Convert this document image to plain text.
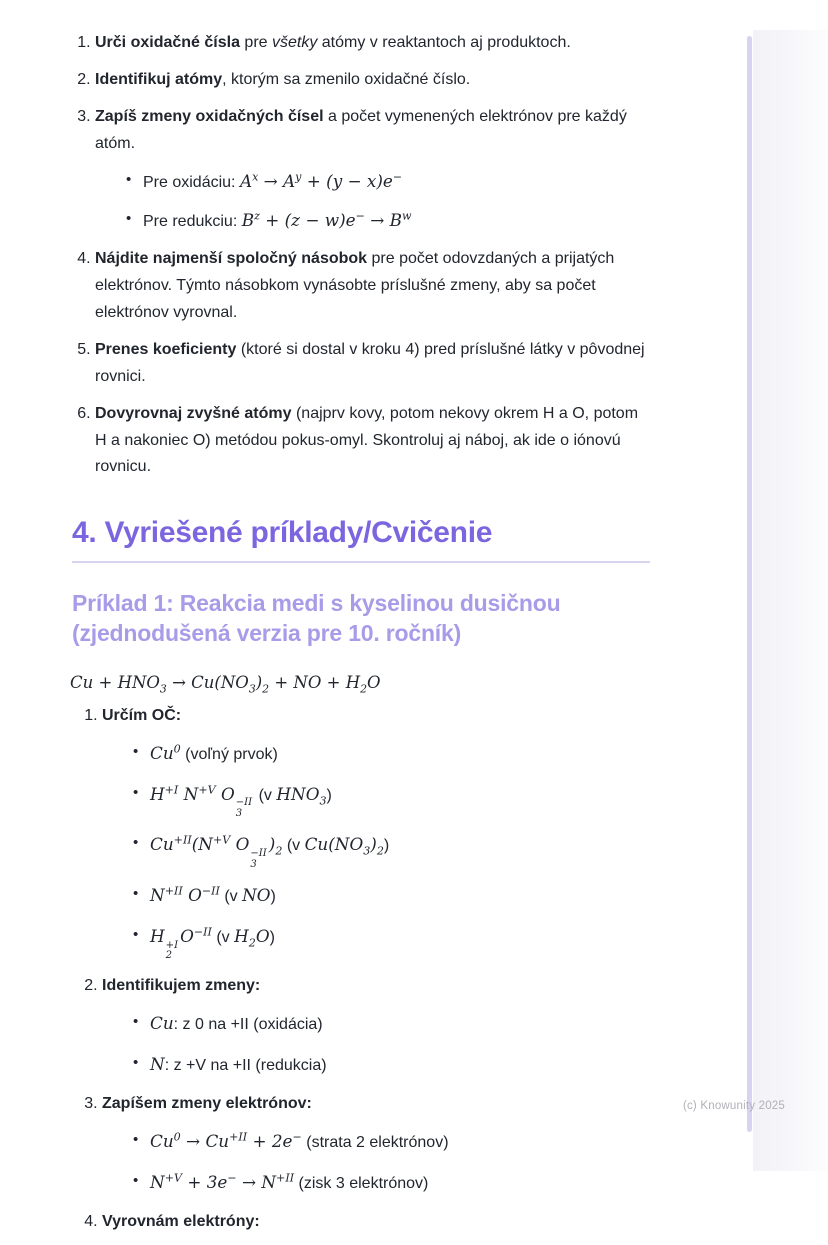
1. Urči oxidačné čísla pre všetky atómy v reaktantoch aj produktoch.
2. Identifikuj atómy, ktorým sa zmenilo oxidačné číslo.
3. Zapíš zmeny oxidačných čísel a počet vymenených elektrónov pre každý atóm.
• Pre oxidáciu: $A^x \to A^y + (y - x)e^-$
• Pre redukciu: $B^z + (z - w)e^- \to B^w$
4. Nájdite najmenší spoločný násobok pre počet odovzdaných a prijatých elektrónov. Týmto násobkom vynásobte príslušné zmeny, aby sa počet elektrónov vyrovnal.
5. Prenes koeficienty (ktoré si dostal v kroku 4) pred príslušné látky v pôvodnej rovnici.
6. Dovyrovnaj zvyšné atómy (najprv kovy, potom nekovy okrem H a O, potom H a nakoniec O) metódou pokus-omyl. Skontroluj aj náboj, ak ide o iónovú rovnicu.
4. Vyriešené príklady/Cvičenie
Príklad 1: Reakcia medi s kyselinou dusičnou (zjednodušená verzia pre 10. ročník)

$Cu + HNO_3 \to Cu(NO_3)_2$ + NO + $H_2O$

1. Určím OČ:
• Cu$^0$ (voľný prvok)
• $H^{+I}$ $N^{+V}$ O −II
3
(v $HNO_3$)
• $Cu^{+II}(N^{+V}$ O −II
3
)$_2$ (v $Cu(NO_3)_2$)
• $N^{+II}$ $O^{-II}$ (v NO)
• H +I
2
$O^{-II}$ (v $H_2O$)
2. Identifikujem zmeny:
• Cu: z 0 na +II (oxidácia)
• N: z +V na +II (redukcia)
3. Zapíšem zmeny elektrónov:
• $Cu^0 \to Cu^{+II} + 2e^-$ (strata 2 elektrónov)
• $N^{+V} + 3e^- \to N^{+II}$ (zisk 3 elektrónov)
4. Vyrovnám elektróny:
(c) Knowunity 2025
